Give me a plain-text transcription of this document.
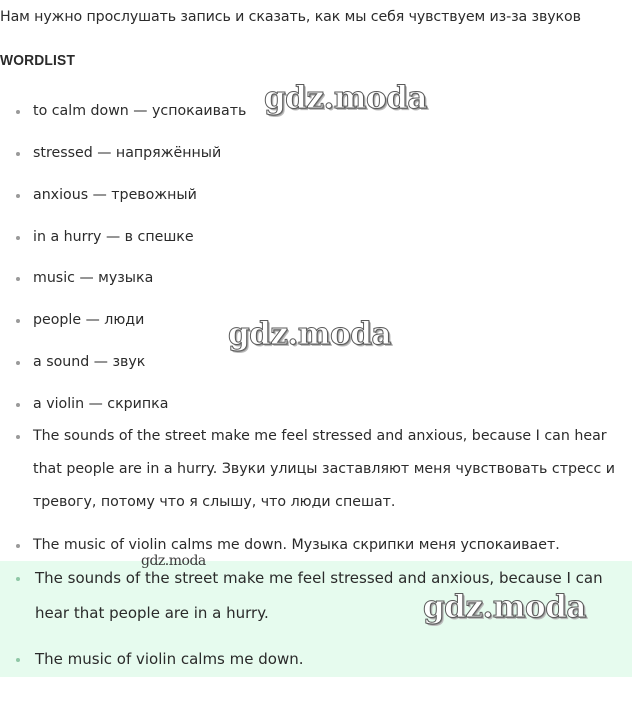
Нам нужно прослушать запись и сказать, как мы себя чувствуем из-за звуков
WORDLIST
to calm down — успокаивать
stressed — напряжённый
anxious — тревожный
in a hurry — в спешке
music — музыка
people — люди
a sound — звук
a violin — скрипка
The sounds of the street make me feel stressed and anxious, because I can hear that people are in a hurry. Звуки улицы заставляют меня чувствовать стресс и тревогу, потому что я слышу, что люди спешат.
The music of violin calms me down. Музыка скрипки меня успокаивает.
The sounds of the street make me feel stressed and anxious, because I can hear that people are in a hurry.
The music of violin calms me down.
gdz.moda
gdz.moda
gdz.moda
gdz.moda
